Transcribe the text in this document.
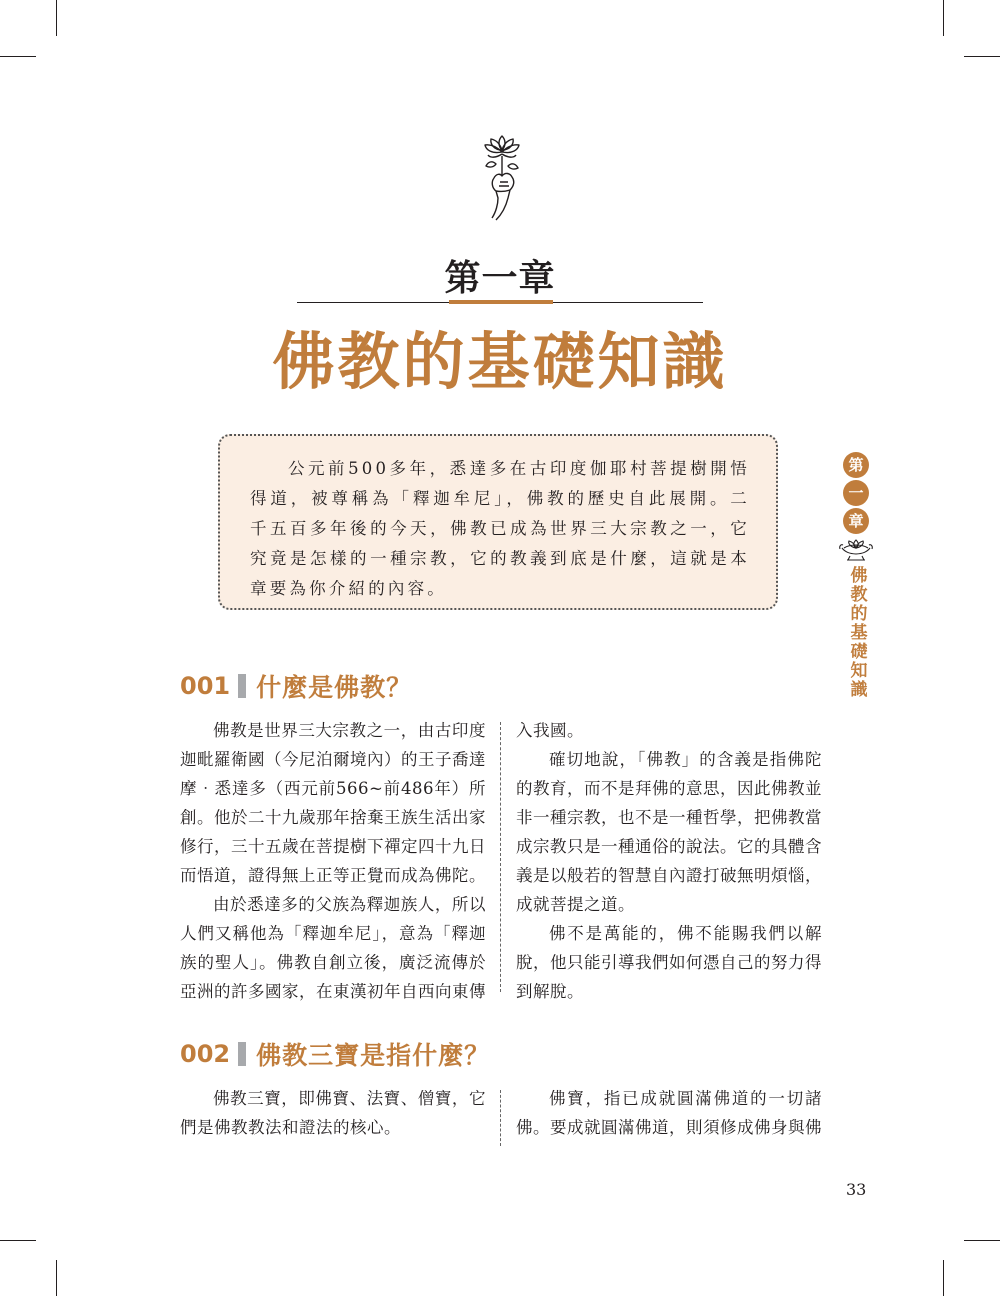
第一章
佛教的基礎知識
公元前500多年，悉達多在古印度伽耶村菩提樹開悟得道，被尊稱為「釋迦牟尼」，佛教的歷史自此展開。二千五百多年後的今天，佛教已成為世界三大宗教之一，它究竟是怎樣的一種宗教，它的教義到底是什麼，這就是本章要為你介紹的內容。
第
一
章
佛教的基礎知識
001 什麼是佛教？

佛教是世界三大宗教之一，由古印度迦毗羅衛國（今尼泊爾境內）的王子喬達摩‧悉達多（西元前566~前486年）所創。他於二十九歲那年捨棄王族生活出家修行，三十五歲在菩提樹下禪定四十九日而悟道，證得無上正等正覺而成為佛陀。

由於悉達多的父族為釋迦族人，所以人們又稱他為「釋迦牟尼」，意為「釋迦族的聖人」。佛教自創立後，廣泛流傳於亞洲的許多國家，在東漢初年自西向東傳

入我國。

確切地說，「佛教」的含義是指佛陀的教育，而不是拜佛的意思，因此佛教並非一種宗教，也不是一種哲學，把佛教當成宗教只是一種通俗的說法。它的具體含義是以般若的智慧自內證打破無明煩惱，成就菩提之道。

佛不是萬能的，佛不能賜我們以解脫，他只能引導我們如何憑自己的努力得到解脫。

002 佛教三寶是指什麼？

佛教三寶，即佛寶、法寶、僧寶，它們是佛教教法和證法的核心。

佛寶，指已成就圓滿佛道的一切諸佛。要成就圓滿佛道，則須修成佛身與佛

33
